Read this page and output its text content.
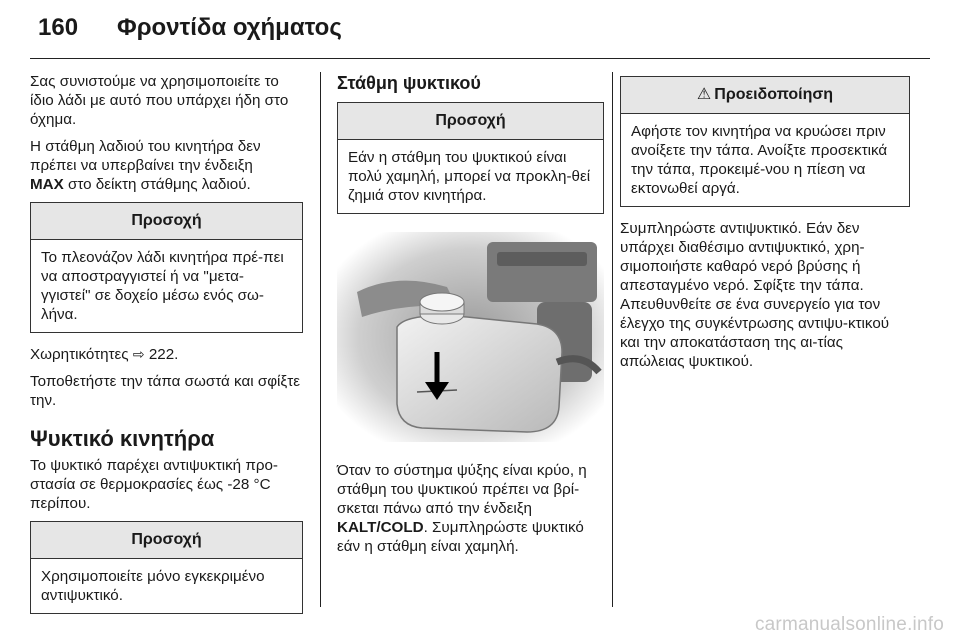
160 Φροντίδα οχήματος

Σας συνιστούμε να χρησιμοποιείτε το ίδιο λάδι με αυτό που υπάρχει ήδη στο όχημα.

Η στάθμη λαδιού του κινητήρα δεν πρέπει να υπερβαίνει την ένδειξη
MAX στο δείκτη στάθμης λαδιού.

Προσοχή
Το πλεονάζον λάδι κινητήρα πρέ-πει να αποστραγγιστεί ή να "μετα-γγιστεί" σε δοχείο μέσω ενός σω-λήνα.

Χωρητικότητες ⇨ 222.

Τοποθετήστε την τάπα σωστά και σφίξτε την.

Ψυκτικό κινητήρα

Το ψυκτικό παρέχει αντιψυκτική προ-στασία σε θερμοκρασίες έως -28 °C περίπου.

Προσοχή
Χρησιμοποιείτε μόνο εγκεκριμένο αντιψυκτικό.
Στάθμη ψυκτικού
Προσοχή
Εάν η στάθμη του ψυκτικού είναι πολύ χαμηλή, μπορεί να προκλη-θεί ζημιά στον κινητήρα.

Όταν το σύστημα ψύξης είναι κρύο, η στάθμη του ψυκτικού πρέπει να βρί-σκεται πάνω από την ένδειξη
KALT/COLD. Συμπληρώστε ψυκτικό εάν η στάθμη είναι χαμηλή.

⚠ Προειδοποίηση
Αφήστε τον κινητήρα να κρυώσει πριν ανοίξετε την τάπα. Ανοίξτε προσεκτικά την τάπα, προκειμέ-νου η πίεση να εκτονωθεί αργά.

Συμπληρώστε αντιψυκτικό. Εάν δεν υπάρχει διαθέσιμο αντιψυκτικό, χρη-σιμοποιήστε καθαρό νερό βρύσης ή απεσταγμένο νερό. Σφίξτε την τάπα. Απευθυνθείτε σε ένα συνεργείο για τον έλεγχο της συγκέντρωσης αντιψυ-κτικού και την αποκατάσταση της αι-τίας απώλειας ψυκτικού.

carmanualsonline.info
